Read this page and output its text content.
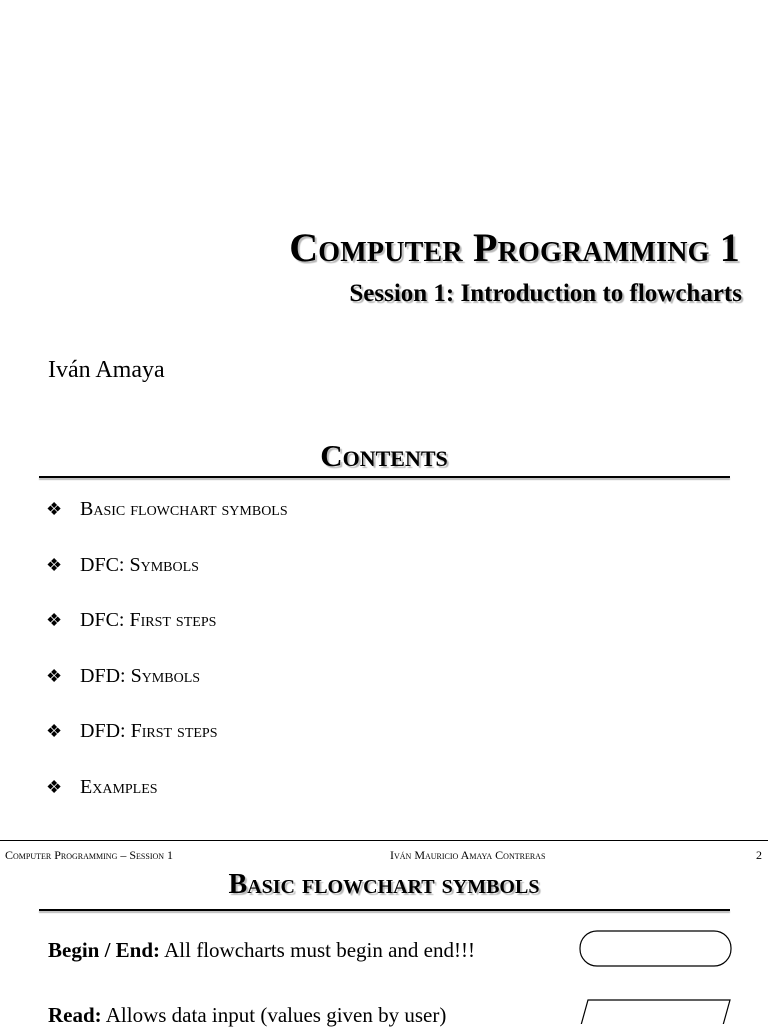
Computer Programming 1
Session 1: Introduction to flowcharts
Iván Amaya
Contents
❖ Basic flowchart symbols
❖ DFC: Symbols
❖ DFC: First steps
❖ DFD: Symbols
❖ DFD: First steps
❖ Examples
Computer Programming – Session 1	Iván Mauricio Amaya Contreras	2
Basic flowchart symbols
Begin / End: All flowcharts must begin and end!!!
Read: Allows data input (values given by user)
